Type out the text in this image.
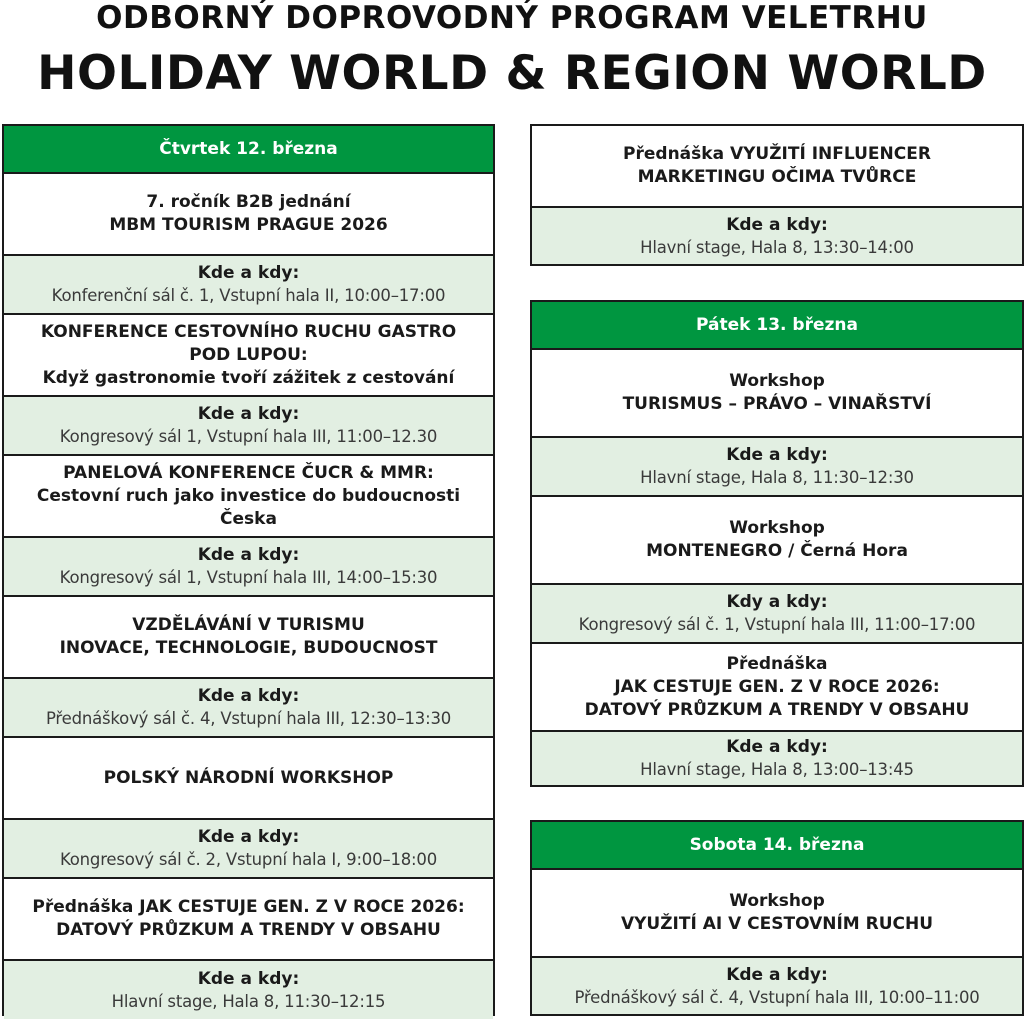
ODBORNÝ DOPROVODNÝ PROGRAM VELETRHU
HOLIDAY WORLD & REGION WORLD
Čtvrtek 12. března
7. ročník B2B jednání
MBM TOURISM PRAGUE 2026
Kde a kdy:
Konferenční sál č. 1, Vstupní hala II, 10:00–17:00
KONFERENCE CESTOVNÍHO RUCHU GASTRO
POD LUPOU:
Když gastronomie tvoří zážitek z cestování
Kde a kdy:
Kongresový sál 1, Vstupní hala III, 11:00–12.30
PANELOVÁ KONFERENCE ČUCR & MMR:
Cestovní ruch jako investice do budoucnosti
Česka
Kde a kdy:
Kongresový sál 1, Vstupní hala III, 14:00–15:30
VZDĚLÁVÁNÍ V TURISMU
INOVACE, TECHNOLOGIE, BUDOUCNOST
Kde a kdy:
Přednáškový sál č. 4, Vstupní hala III, 12:30–13:30
POLSKÝ NÁRODNÍ WORKSHOP
Kde a kdy:
Kongresový sál č. 2, Vstupní hala I, 9:00–18:00
Přednáška JAK CESTUJE GEN. Z V ROCE 2026:
DATOVÝ PRŮZKUM A TRENDY V OBSAHU
Kde a kdy:
Hlavní stage, Hala 8, 11:30–12:15
Přednáška VYUŽITÍ INFLUENCER
MARKETINGU OČIMA TVŮRCE
Kde a kdy:
Hlavní stage, Hala 8, 13:30–14:00
Pátek 13. března
Workshop
TURISMUS – PRÁVO – VINAŘSTVÍ
Kde a kdy:
Hlavní stage, Hala 8, 11:30–12:30
Workshop
MONTENEGRO / Černá Hora
Kdy a kdy:
Kongresový sál č. 1, Vstupní hala III, 11:00–17:00
Přednáška
JAK CESTUJE GEN. Z V ROCE 2026:
DATOVÝ PRŮZKUM A TRENDY V OBSAHU
Kde a kdy:
Hlavní stage, Hala 8, 13:00–13:45
Sobota 14. března
Workshop
VYUŽITÍ AI V CESTOVNÍM RUCHU
Kde a kdy:
Přednáškový sál č. 4, Vstupní hala III, 10:00–11:00
